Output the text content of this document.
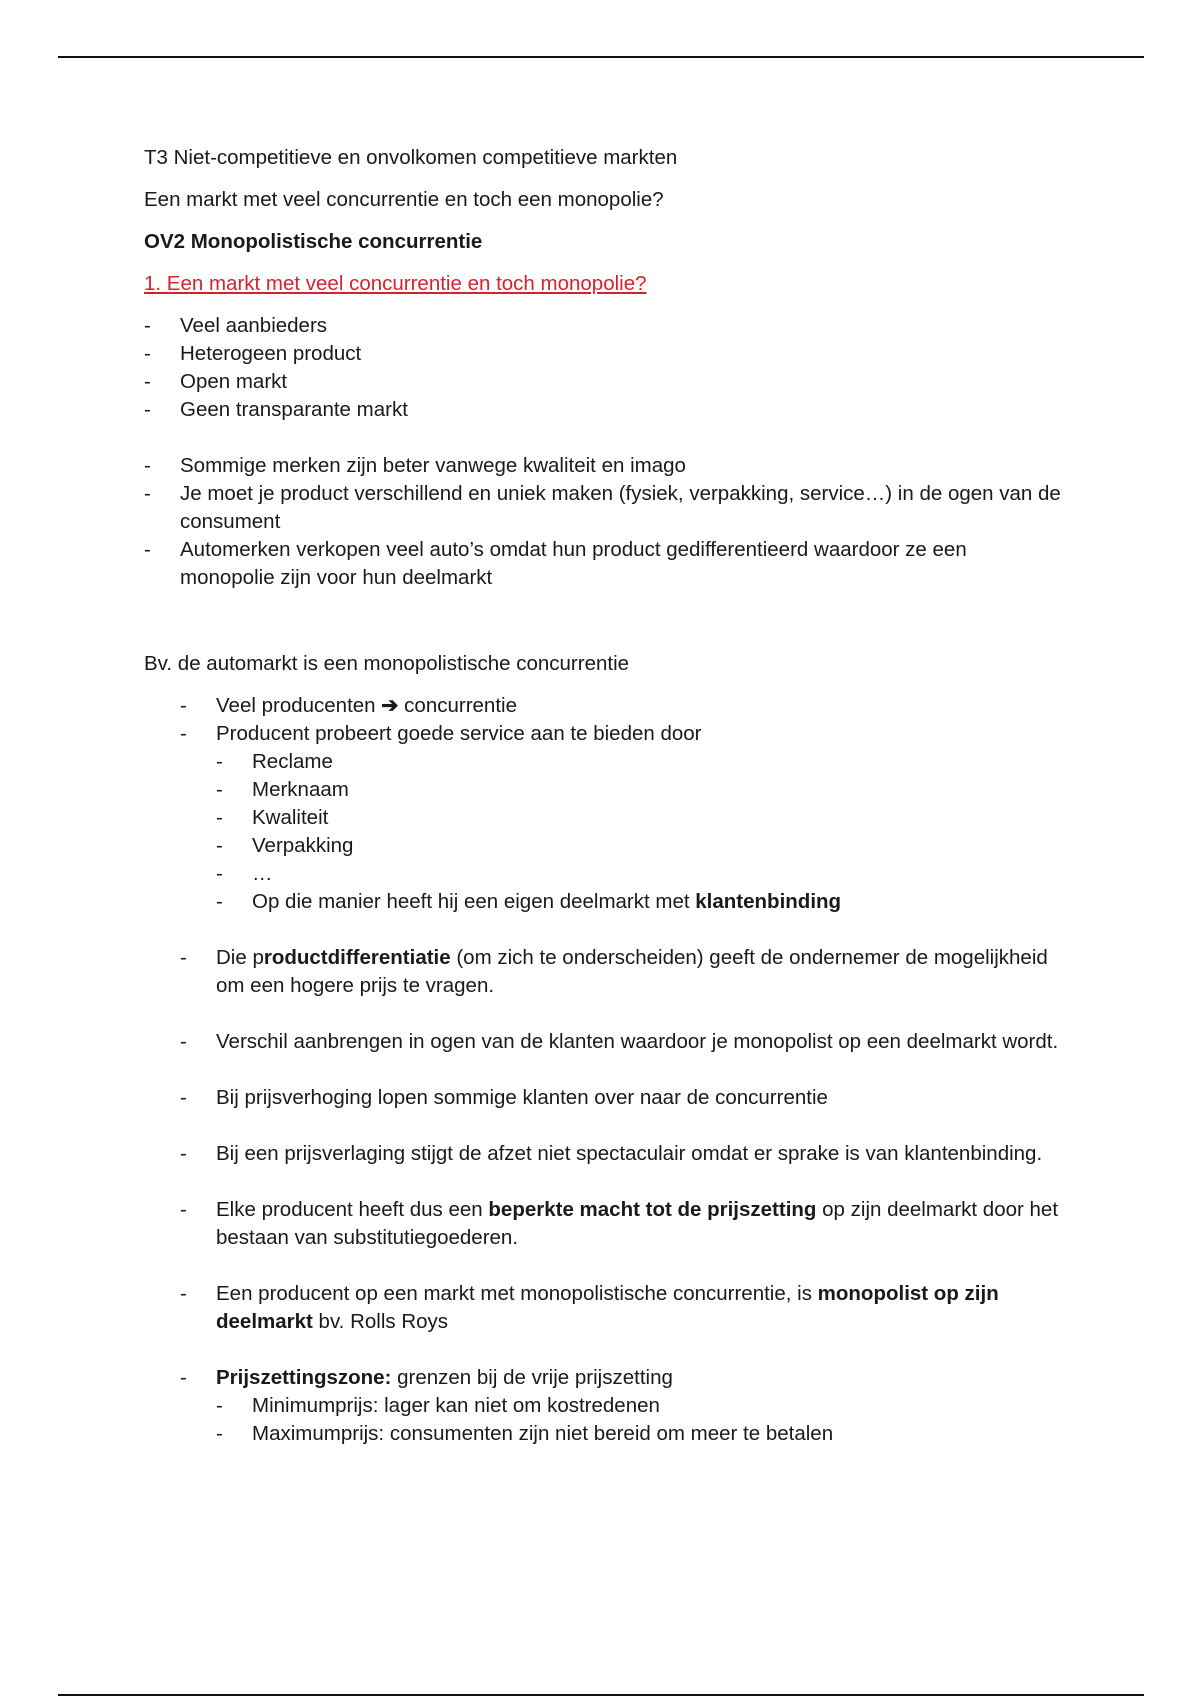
T3 Niet-competitieve en onvolkomen competitieve markten
Een markt met veel concurrentie en toch een monopolie?
OV2 Monopolistische concurrentie
1. Een markt met veel concurrentie en toch monopolie?
- Veel aanbieders
- Heterogeen product
- Open markt
- Geen transparante markt
- Sommige merken zijn beter vanwege kwaliteit en imago
- Je moet je product verschillend en uniek maken (fysiek, verpakking, service…) in de ogen van de consument
- Automerken verkopen veel auto’s omdat hun product gedifferentieerd waardoor ze een monopolie zijn voor hun deelmarkt
Bv. de automarkt is een monopolistische concurrentie
- Veel producenten ➔ concurrentie
- Producent probeert goede service aan te bieden door
- Reclame
- Merknaam
- Kwaliteit
- Verpakking
- …
- Op die manier heeft hij een eigen deelmarkt met klantenbinding
- Die productdifferentiatie (om zich te onderscheiden) geeft de ondernemer de mogelijkheid om een hogere prijs te vragen.
- Verschil aanbrengen in ogen van de klanten waardoor je monopolist op een deelmarkt wordt.
- Bij prijsverhoging lopen sommige klanten over naar de concurrentie
- Bij een prijsverlaging stijgt de afzet niet spectaculair omdat er sprake is van klantenbinding.
- Elke producent heeft dus een beperkte macht tot de prijszetting op zijn deelmarkt door het bestaan van substitutiegoederen.
- Een producent op een markt met monopolistische concurrentie, is monopolist op zijn deelmarkt bv. Rolls Roys
- Prijszettingszone: grenzen bij de vrije prijszetting
- Minimumprijs: lager kan niet om kostredenen
- Maximumprijs: consumenten zijn niet bereid om meer te betalen
